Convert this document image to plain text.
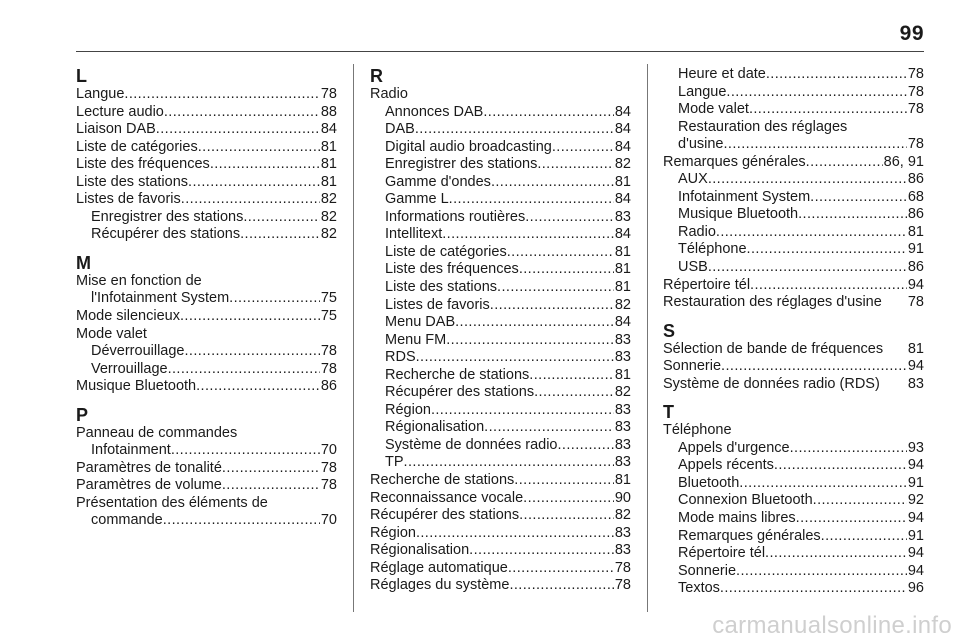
99
L
Langue .....	78
Lecture audio .....	88
Liaison DAB .....	84
Liste de catégories .....	81
Liste des fréquences .....	81
Liste des stations .....	81
Listes de favoris .....	82
Enregistrer des stations .....	82
Récupérer des stations .....	82
M
Mise en fonction de
l'Infotainment System .....	75
Mode silencieux .....	75
Mode valet
Déverrouillage .....	78
Verrouillage .....	78
Musique Bluetooth .....	86
P
Panneau de commandes
Infotainment .....	70
Paramètres de tonalité .....	78
Paramètres de volume .....	78
Présentation des éléments de
commande .....	70
R
Radio
Annonces DAB .....	84
DAB .....	84
Digital audio broadcasting .....	84
Enregistrer des stations .....	82
Gamme d'ondes .....	81
Gamme L .....	84
Informations routières .....	83
Intellitext .....	84
Liste de catégories .....	81
Liste des fréquences .....	81
Liste des stations .....	81
Listes de favoris .....	82
Menu DAB .....	84
Menu FM .....	83
RDS .....	83
Recherche de stations .....	81
Récupérer des stations .....	82
Région .....	83
Régionalisation .....	83
Système de données radio .....	83
TP .....	83
Recherche de stations .....	81
Reconnaissance vocale .....	90
Récupérer des stations .....	82
Région .....	83
Régionalisation .....	83
Réglage automatique .....	78
Réglages du système .....	78
Heure et date .....	78
Langue .....	78
Mode valet .....	78
Restauration des réglages
d'usine .....	78
Remarques générales .....	86, 91
AUX .....	86
Infotainment System .....	68
Musique Bluetooth .....	86
Radio .....	81
Téléphone .....	91
USB .....	86
Répertoire tél .....	94
Restauration des réglages d'usine 78
S
Sélection de bande de fréquences 81
Sonnerie .....	94
Système de données radio (RDS) 83
T
Téléphone
Appels d'urgence .....	93
Appels récents .....	94
Bluetooth .....	91
Connexion Bluetooth .....	92
Mode mains libres .....	94
Remarques générales .....	91
Répertoire tél .....	94
Sonnerie .....	94
Textos .....	96
carmanualsonline.info
